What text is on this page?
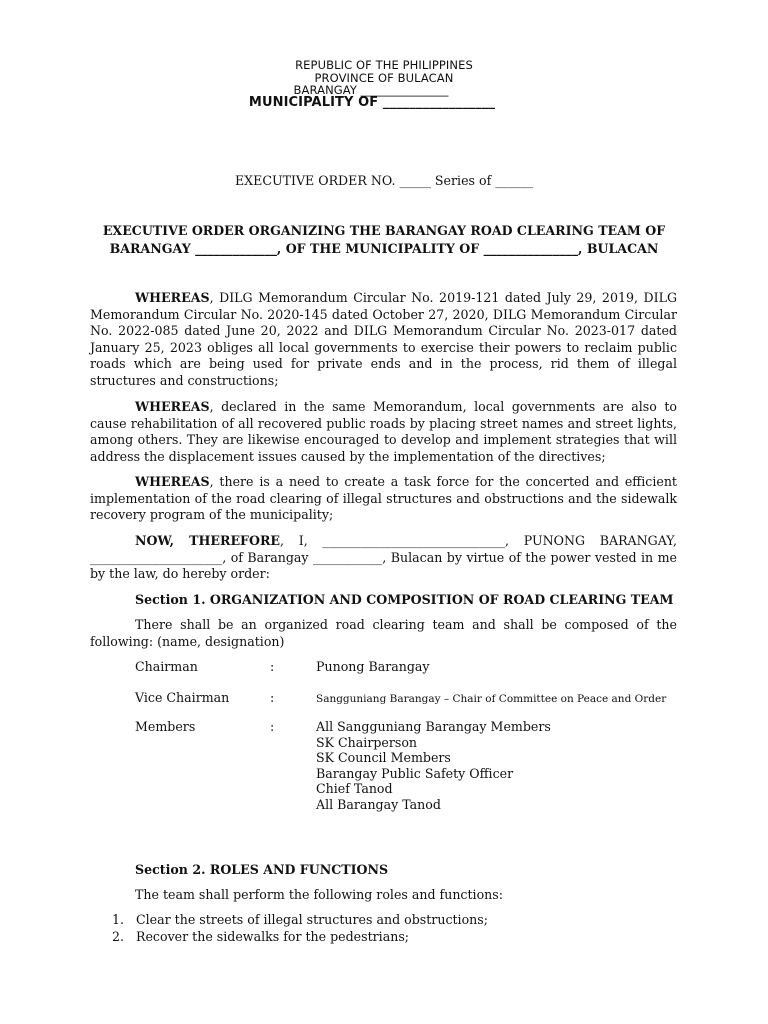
REPUBLIC OF THE PHILIPPINES
PROVINCE OF BULACAN
BARANGAY _______________
MUNICIPALITY OF _________________
EXECUTIVE ORDER NO. _____ Series of ______
EXECUTIVE ORDER ORGANIZING THE BARANGAY ROAD CLEARING TEAM OF
BARANGAY _____________, OF THE MUNICIPALITY OF _______________, BULACAN
WHEREAS, DILG Memorandum Circular No. 2019-121 dated July 29, 2019, DILG Memorandum Circular No. 2020-145 dated October 27, 2020, DILG Memorandum Circular No. 2022-085 dated June 20, 2022 and DILG Memorandum Circular No. 2023-017 dated January 25, 2023 obliges all local governments to exercise their powers to reclaim public roads which are being used for private ends and in the process, rid them of illegal structures and constructions;
WHEREAS, declared in the same Memorandum, local governments are also to cause rehabilitation of all recovered public roads by placing street names and street lights, among others. They are likewise encouraged to develop and implement strategies that will address the displacement issues caused by the implementation of the directives;
WHEREAS, there is a need to create a task force for the concerted and efficient implementation of the road clearing of illegal structures and obstructions and the sidewalk recovery program of the municipality;
NOW, THEREFORE, I, _____________________________, PUNONG BARANGAY, _____________________, of Barangay ___________, Bulacan by virtue of the power vested in me by the law, do hereby order:
Section 1. ORGANIZATION AND COMPOSITION OF ROAD CLEARING TEAM
There shall be an organized road clearing team and shall be composed of the following: (name, designation)
Chairman	:	Punong Barangay
Vice Chairman	:	Sangguniang Barangay – Chair of Committee on Peace and Order
Members	:	All Sangguniang Barangay Members
SK Chairperson
SK Council Members
Barangay Public Safety Officer
Chief Tanod
All Barangay Tanod
Section 2. ROLES AND FUNCTIONS
The team shall perform the following roles and functions:
1. Clear the streets of illegal structures and obstructions;
2. Recover the sidewalks for the pedestrians;
